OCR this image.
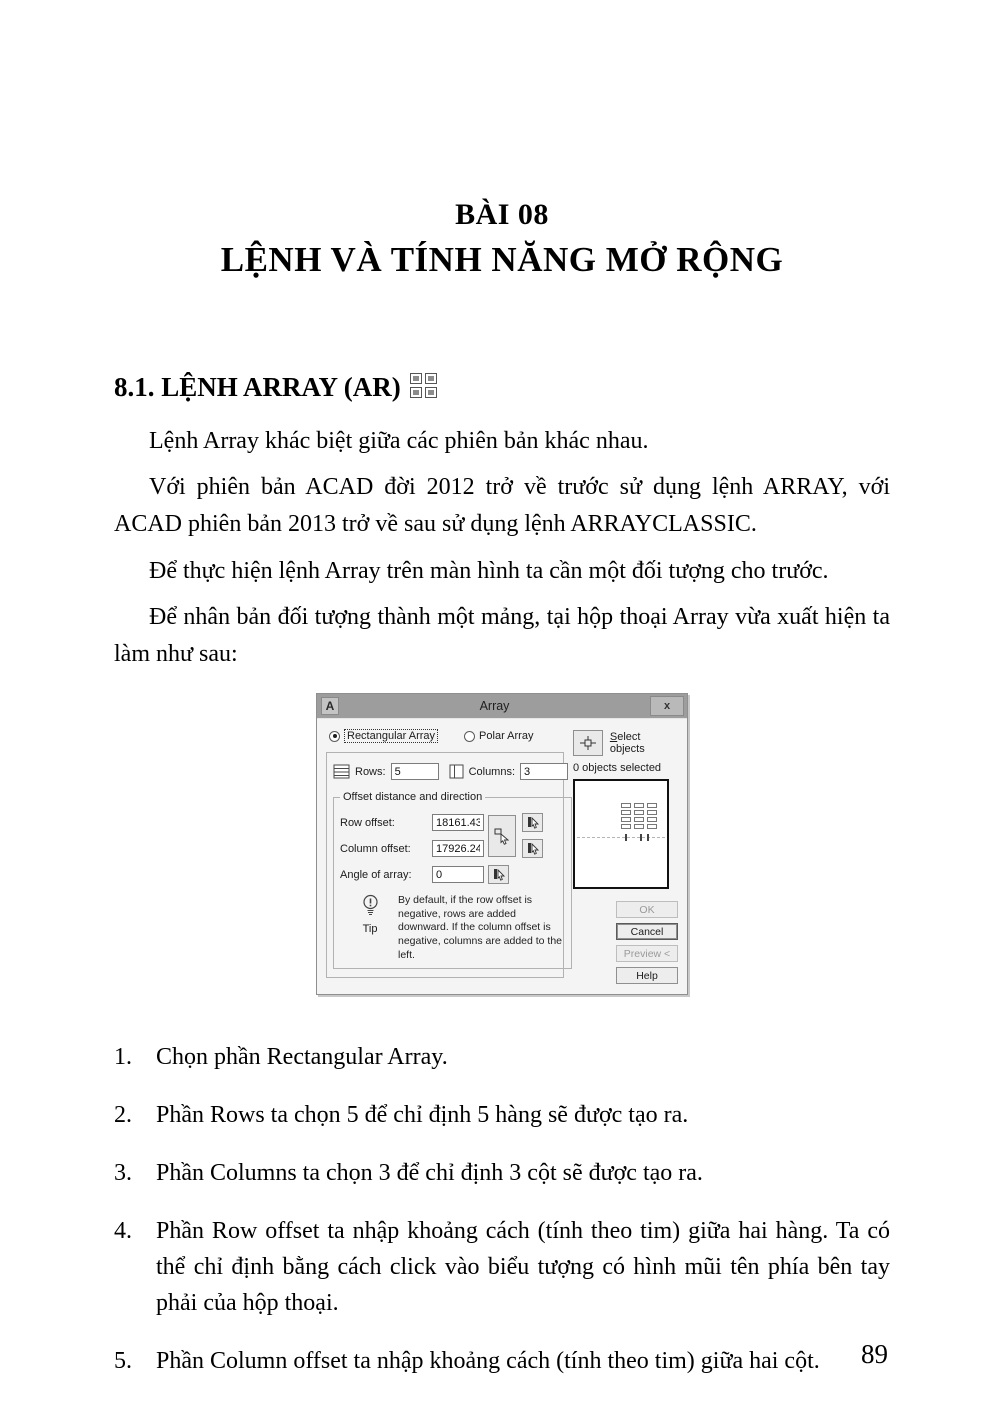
BÀI 08
LỆNH VÀ TÍNH NĂNG MỞ RỘNG
8.1. LỆNH ARRAY (AR)

Lệnh Array khác biệt giữa các phiên bản khác nhau.

Với phiên bản ACAD đời 2012 trở về trước sử dụng lệnh ARRAY, với ACAD phiên bản 2013 trở về sau sử dụng lệnh ARRAYCLASSIC.

Để thực hiện lệnh Array trên màn hình ta cần một đối tượng cho trước.

Để nhân bản đối tượng thành một mảng, tại hộp thoại Array vừa xuất hiện ta làm như sau:

A	Array	x
Rectangular Array	Polar Array
Rows:
5	Columns:
3
Offset distance and direction
Row offset:
18161.4386
Column offset:
17926.2406
Angle of array:
0
Tip
By default, if the row offset is negative, rows are added downward. If the column offset is negative, columns are added to the left.
Select objects
0 objects selected
OK
Cancel
Preview <
Help
1.	Chọn phần Rectangular Array.
2.	Phần Rows ta chọn 5 để chỉ định 5 hàng sẽ được tạo ra.
3.	Phần Columns ta chọn 3 để chỉ định 3 cột sẽ được tạo ra.
4.	Phần Row offset ta nhập khoảng cách (tính theo tim) giữa hai hàng. Ta có thể chỉ định bằng cách click vào biểu tượng có hình mũi tên phía bên tay phải của hộp thoại.
5.	Phần Column offset ta nhập khoảng cách (tính theo tim) giữa hai cột.	89
